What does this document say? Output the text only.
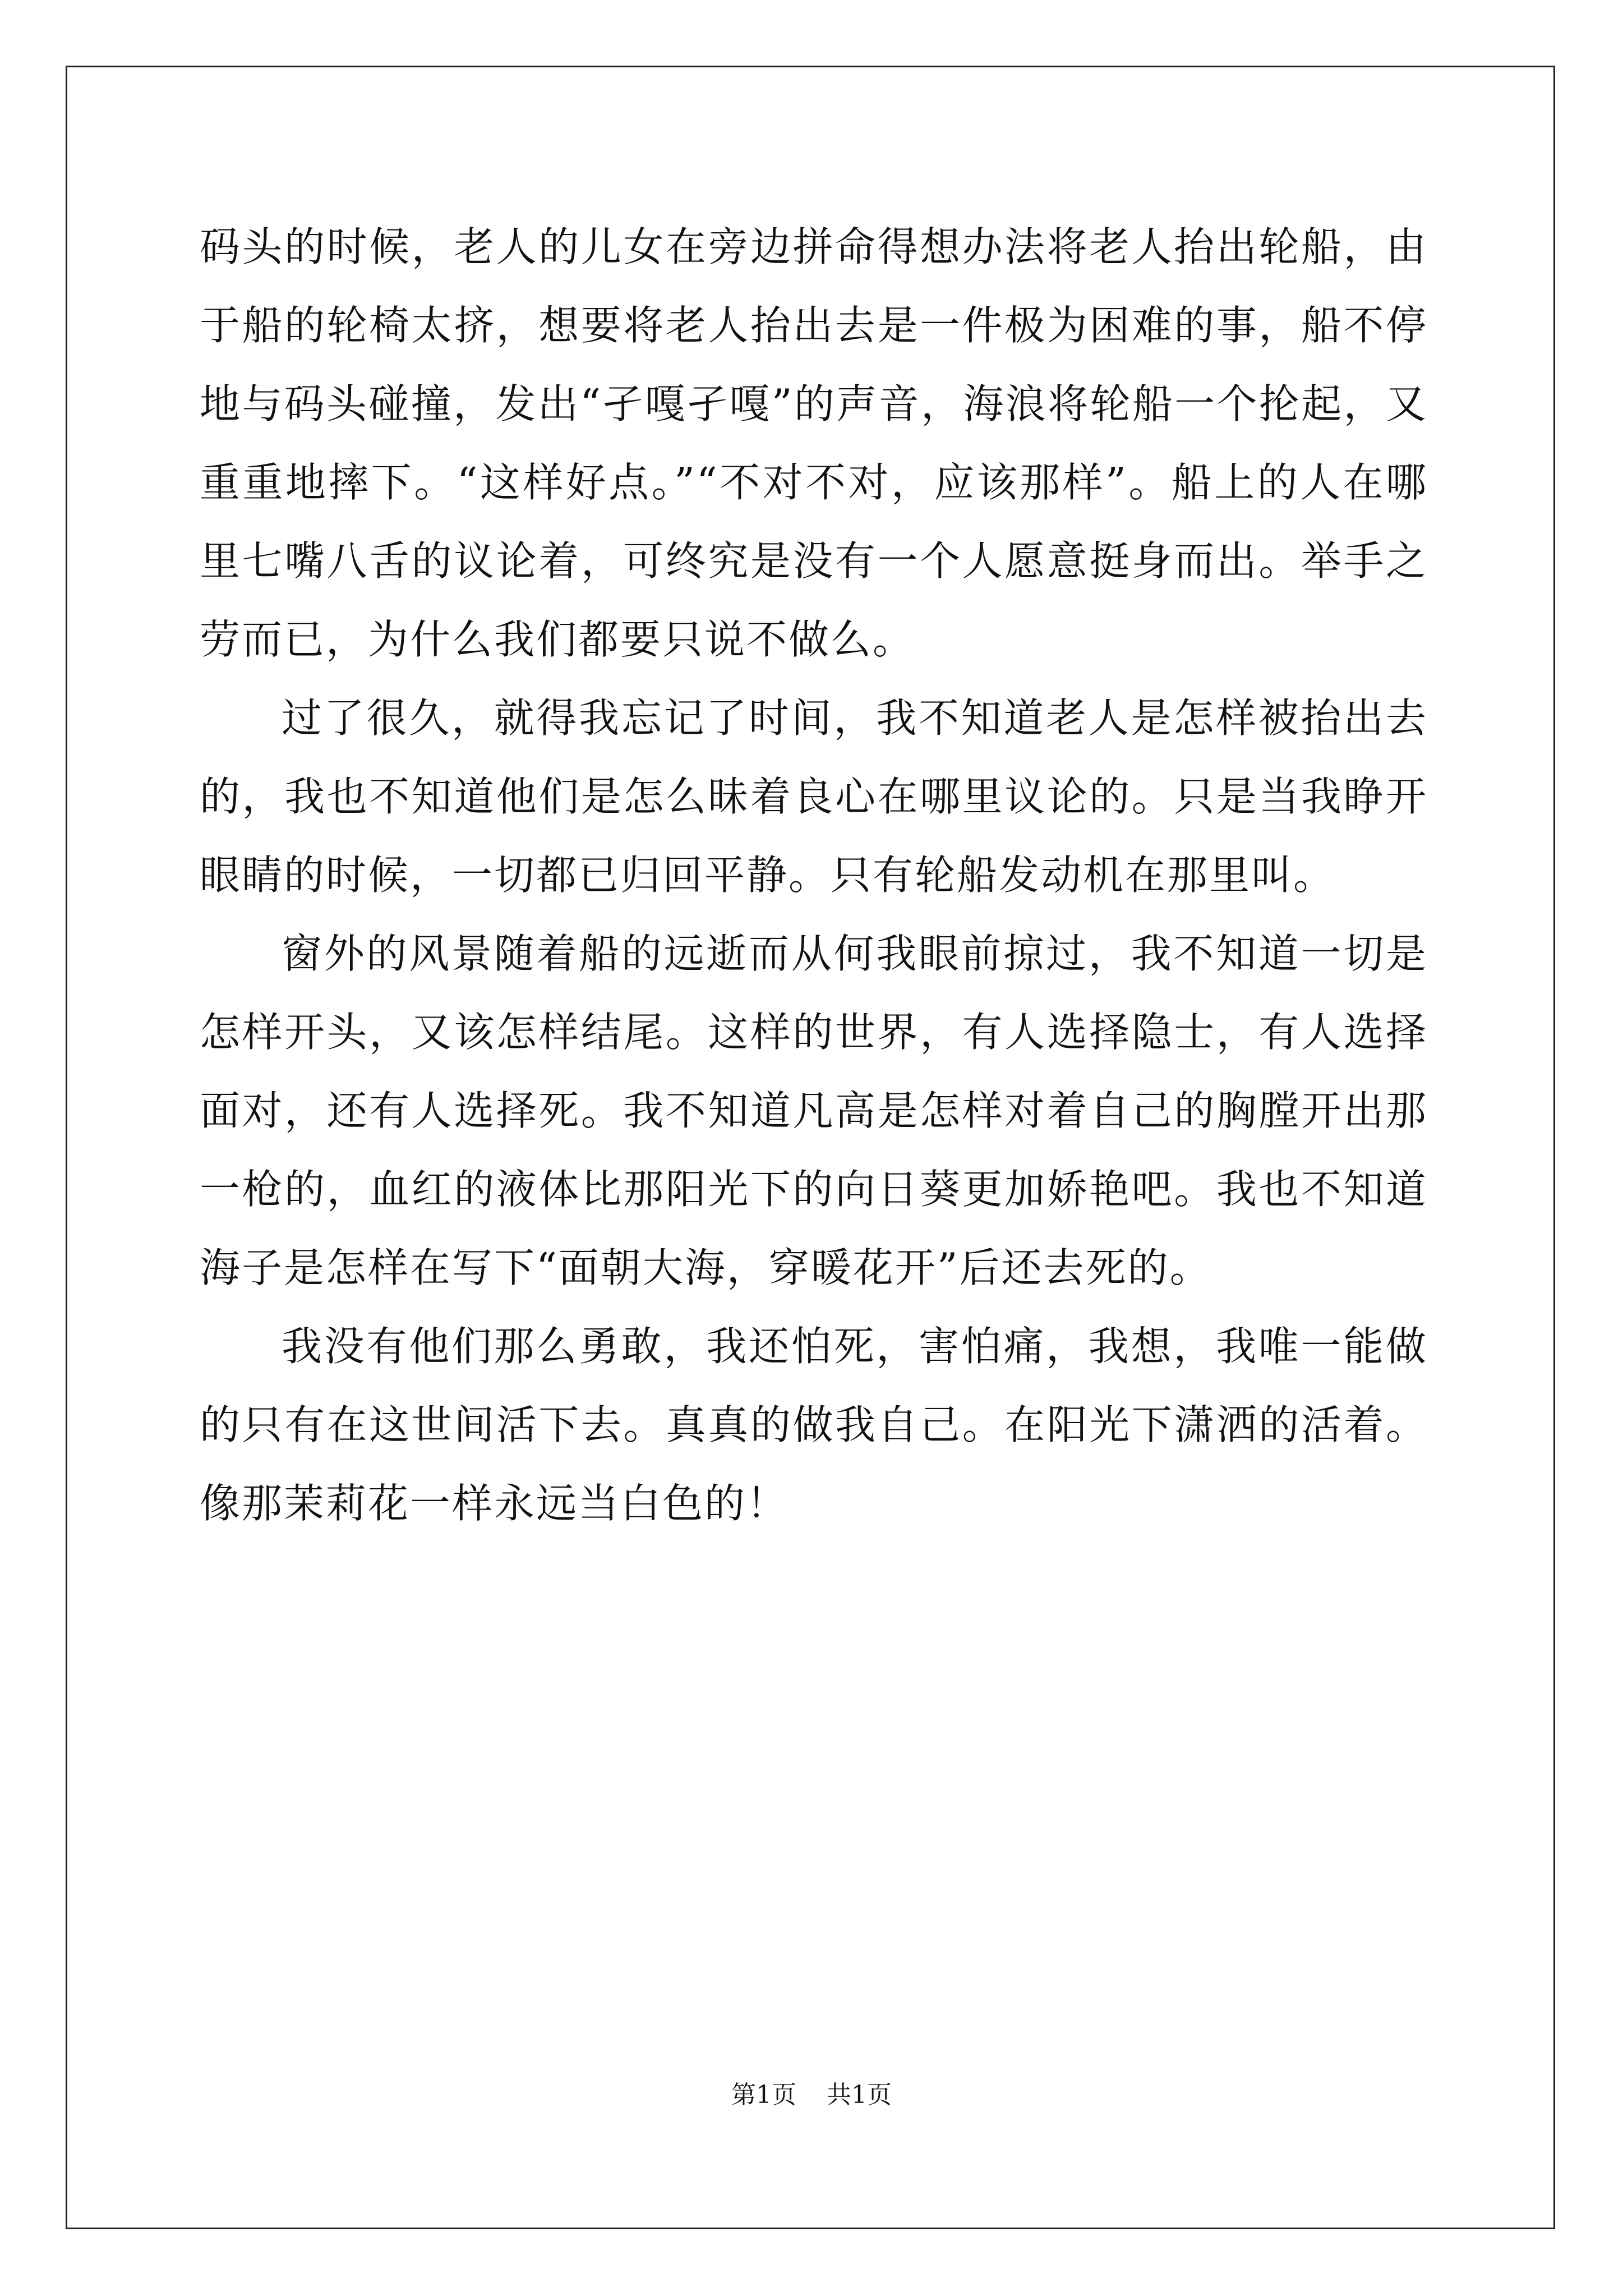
码头的时候，老人的儿女在旁边拼命得想办法将老人抬出轮船，由于船的轮椅太挤，想要将老人抬出去是一件极为困难的事，船不停地与码头碰撞，发出“孑嘎孑嘎”的声音，海浪将轮船一个抡起，又重重地摔下。“这样好点。”“不对不对，应该那样”。船上的人在哪里七嘴八舌的议论着，可终究是没有一个人愿意挺身而出。举手之劳而已，为什么我们都要只说不做么。

过了很久，就得我忘记了时间，我不知道老人是怎样被抬出去的，我也不知道他们是怎么昧着良心在哪里议论的。只是当我睁开眼睛的时候，一切都已归回平静。只有轮船发动机在那里叫。

窗外的风景随着船的远逝而从何我眼前掠过，我不知道一切是怎样开头，又该怎样结尾。这样的世界，有人选择隐士，有人选择面对，还有人选择死。我不知道凡高是怎样对着自己的胸膛开出那一枪的，血红的液体比那阳光下的向日葵更加娇艳吧。我也不知道海子是怎样在写下“面朝大海，穿暖花开”后还去死的。

我没有他们那么勇敢，我还怕死，害怕痛，我想，我唯一能做的只有在这世间活下去。真真的做我自己。在阳光下潇洒的活着。像那茉莉花一样永远当白色的！

第1页 共1页
